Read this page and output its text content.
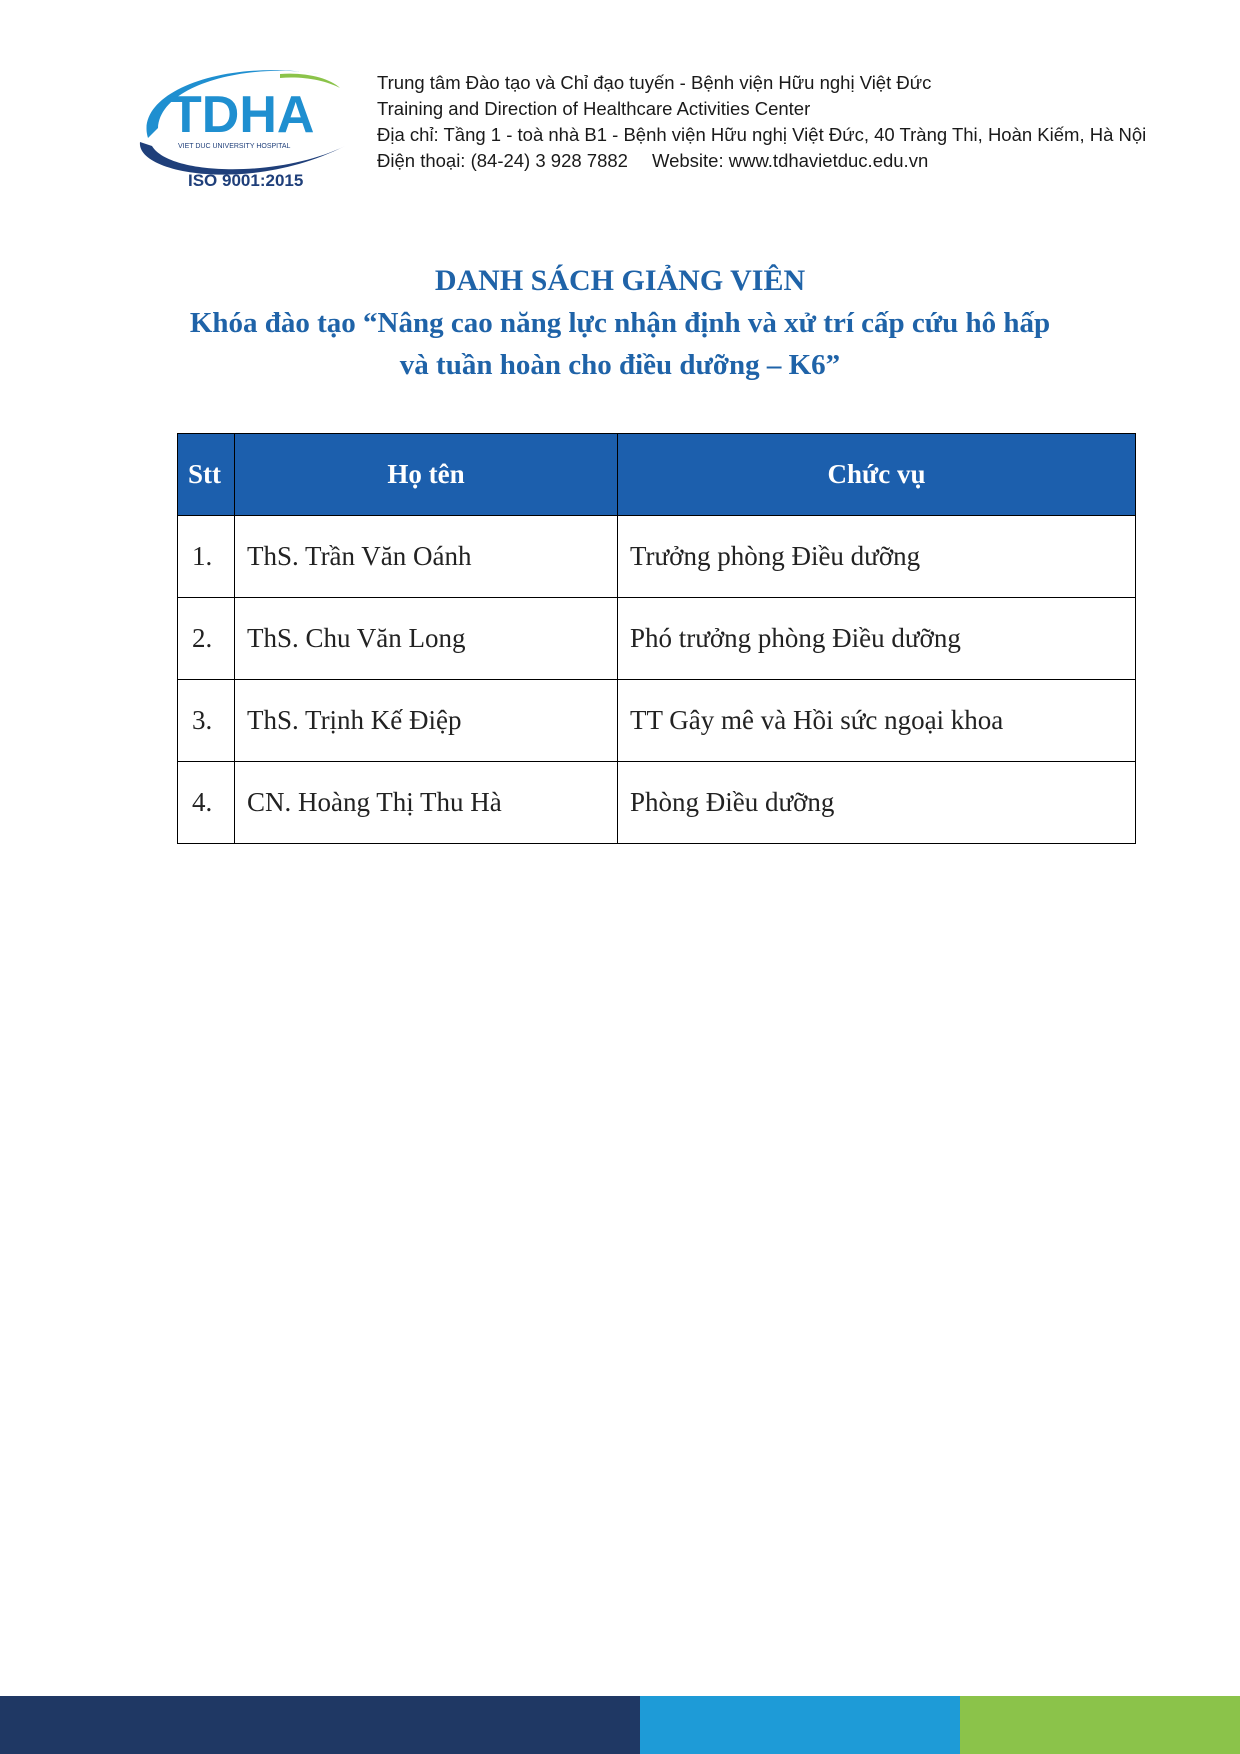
TDHA
VIET DUC UNIVERSITY HOSPITAL
ISO 9001:2015
Trung tâm Đào tạo và Chỉ đạo tuyến - Bệnh viện Hữu nghị Việt Đức
Training and Direction of Healthcare Activities Center
Địa chỉ: Tầng 1 - toà nhà B1 - Bệnh viện Hữu nghị Việt Đức, 40 Tràng Thi, Hoàn Kiếm, Hà Nội
Điện thoại: (84-24) 3 928 7882 Website: www.tdhavietduc.edu.vn
DANH SÁCH GIẢNG VIÊN
Khóa đào tạo “Nâng cao năng lực nhận định và xử trí cấp cứu hô hấp
và tuần hoàn cho điều dưỡng – K6”
Stt	Họ tên	Chức vụ
1.	ThS. Trần Văn Oánh	Trưởng phòng Điều dưỡng
2.	ThS. Chu Văn Long	Phó trưởng phòng Điều dưỡng
3.	ThS. Trịnh Kế Điệp	TT Gây mê và Hồi sức ngoại khoa
4.	CN. Hoàng Thị Thu Hà	Phòng Điều dưỡng
